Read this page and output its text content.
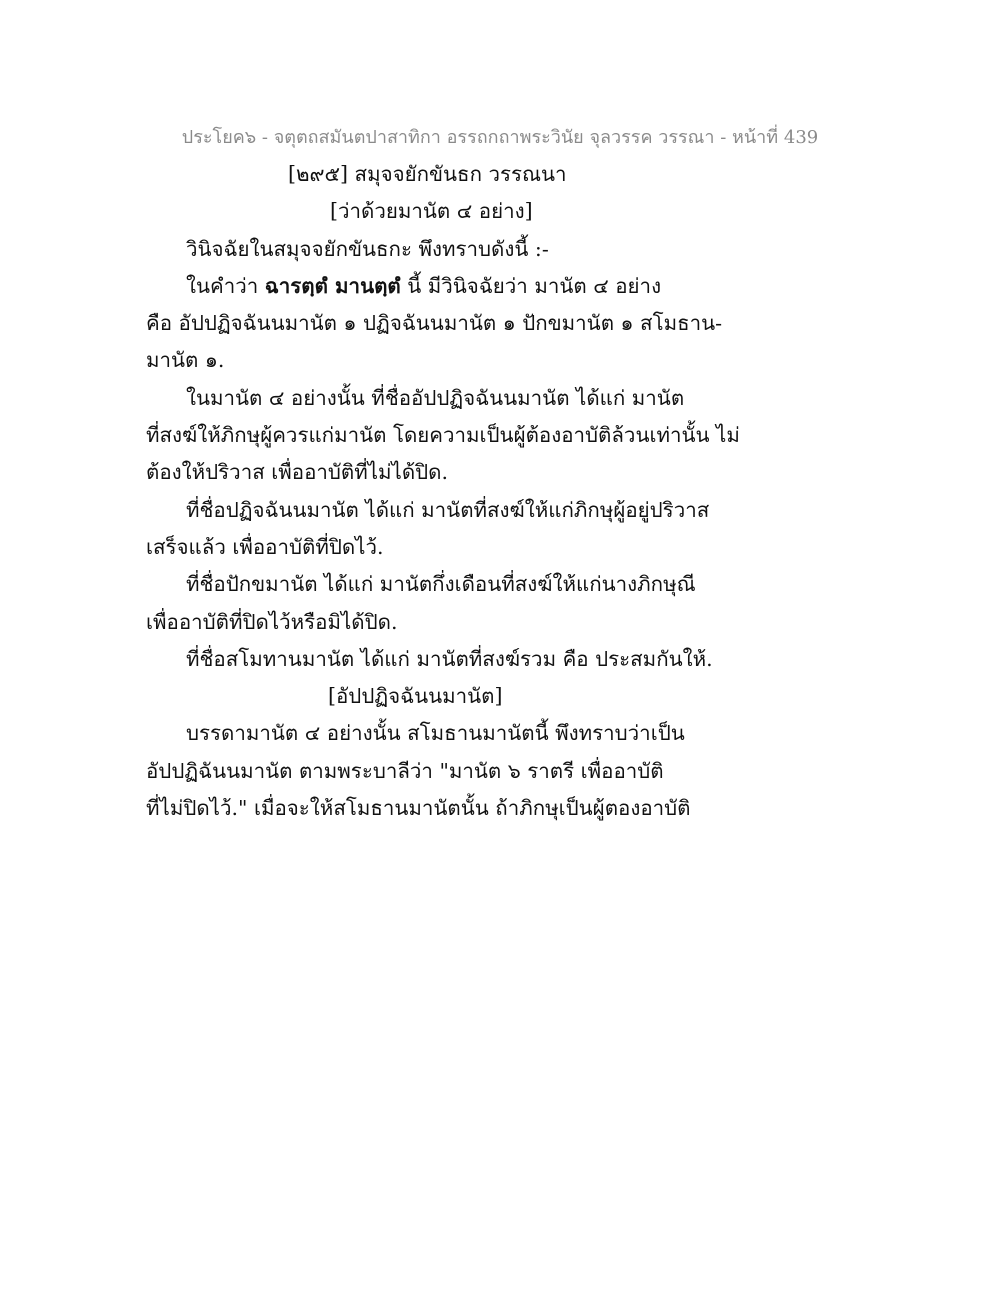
ประโยค๖ - จตุตถสมันตปาสาทิกา อรรถกถาพระวินัย จุลวรรค วรรณา - หน้าที่ 439
[๒๙๕] สมุจจยักขันธก วรรณนา
[ว่าด้วยมานัต ๔ อย่าง]
วินิจฉัยในสมุจจยักขันธกะ พึงทราบดังนี้ :-
ในคำว่า ฉารตฺตํ มานตฺตํ นี้ มีวินิจฉัยว่า มานัต ๔ อย่าง
คือ อัปปฏิจฉันนมานัต ๑ ปฏิจฉันนมานัต ๑ ปักขมานัต ๑ สโมธาน-
มานัต ๑.
ในมานัต ๔ อย่างนั้น ที่ชื่ออัปปฏิจฉันนมานัต ได้แก่ มานัต
ที่สงฆ์ให้ภิกษุผู้ควรแก่มานัต โดยความเป็นผู้ต้องอาบัติล้วนเท่านั้น ไม่
ต้องให้ปริวาส เพื่ออาบัติที่ไม่ได้ปิด.
ที่ชื่อปฏิจฉันนมานัต ได้แก่ มานัตที่สงฆ์ให้แก่ภิกษุผู้อยู่ปริวาส
เสร็จแล้ว เพื่ออาบัติที่ปิดไว้.
ที่ชื่อปักขมานัต ได้แก่ มานัตกึ่งเดือนที่สงฆ์ให้แก่นางภิกษุณี
เพื่ออาบัติที่ปิดไว้หรือมิได้ปิด.
ที่ชื่อสโมทานมานัต ได้แก่ มานัตที่สงฆ์รวม คือ ประสมกันให้.
[อัปปฏิจฉันนมานัต]
บรรดามานัต ๔ อย่างนั้น สโมธานมานัตนี้ พึงทราบว่าเป็น
อัปปฏิฉันนมานัต ตามพระบาลีว่า "มานัต ๖ ราตรี เพื่ออาบัติ
ที่ไม่ปิดไว้." เมื่อจะให้สโมธานมานัตนั้น ถ้าภิกษุเป็นผู้ตองอาบัติ
